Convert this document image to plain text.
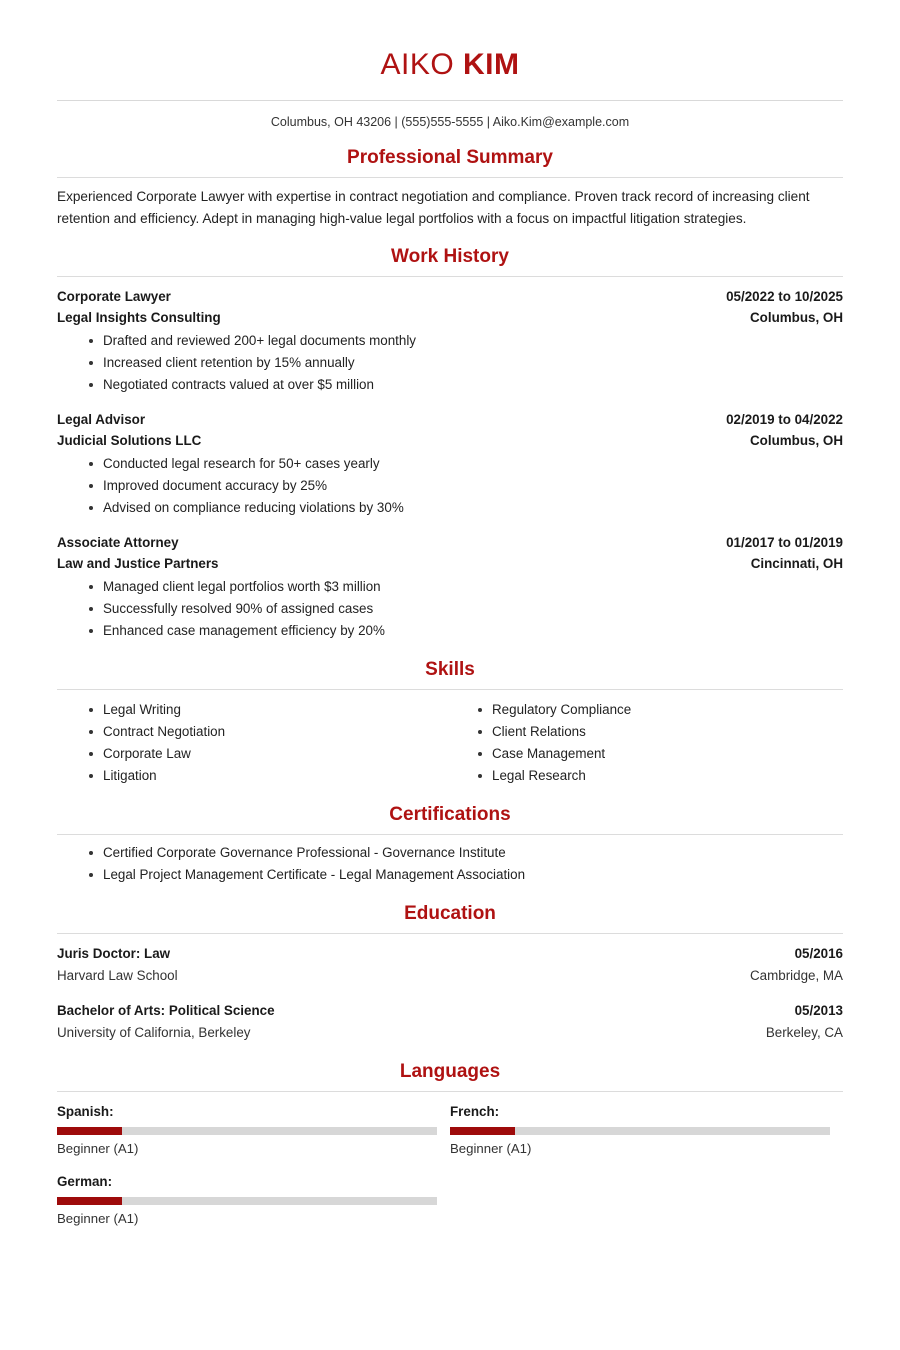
AIKO KIM
Columbus, OH 43206 | (555)555-5555 | Aiko.Kim@example.com
Professional Summary

Experienced Corporate Lawyer with expertise in contract negotiation and compliance. Proven track record of increasing client retention and efficiency. Adept in managing high-value legal portfolios with a focus on impactful litigation strategies.

Work History
Corporate Lawyer	05/2022 to 10/2025
Legal Insights Consulting	Columbus, OH
Drafted and reviewed 200+ legal documents monthly
Increased client retention by 15% annually
Negotiated contracts valued at over $5 million
Legal Advisor	02/2019 to 04/2022
Judicial Solutions LLC	Columbus, OH
Conducted legal research for 50+ cases yearly
Improved document accuracy by 25%
Advised on compliance reducing violations by 30%
Associate Attorney	01/2017 to 01/2019
Law and Justice Partners	Cincinnati, OH
Managed client legal portfolios worth $3 million
Successfully resolved 90% of assigned cases
Enhanced case management efficiency by 20%
Skills
Legal Writing
Contract Negotiation
Corporate Law
Litigation
Regulatory Compliance
Client Relations
Case Management
Legal Research
Certifications
Certified Corporate Governance Professional - Governance Institute
Legal Project Management Certificate - Legal Management Association
Education
Juris Doctor: Law	05/2016
Harvard Law School	Cambridge, MA
Bachelor of Arts: Political Science	05/2013
University of California, Berkeley	Berkeley, CA
Languages
Spanish:
Beginner (A1)
French:
Beginner (A1)
German:
Beginner (A1)
